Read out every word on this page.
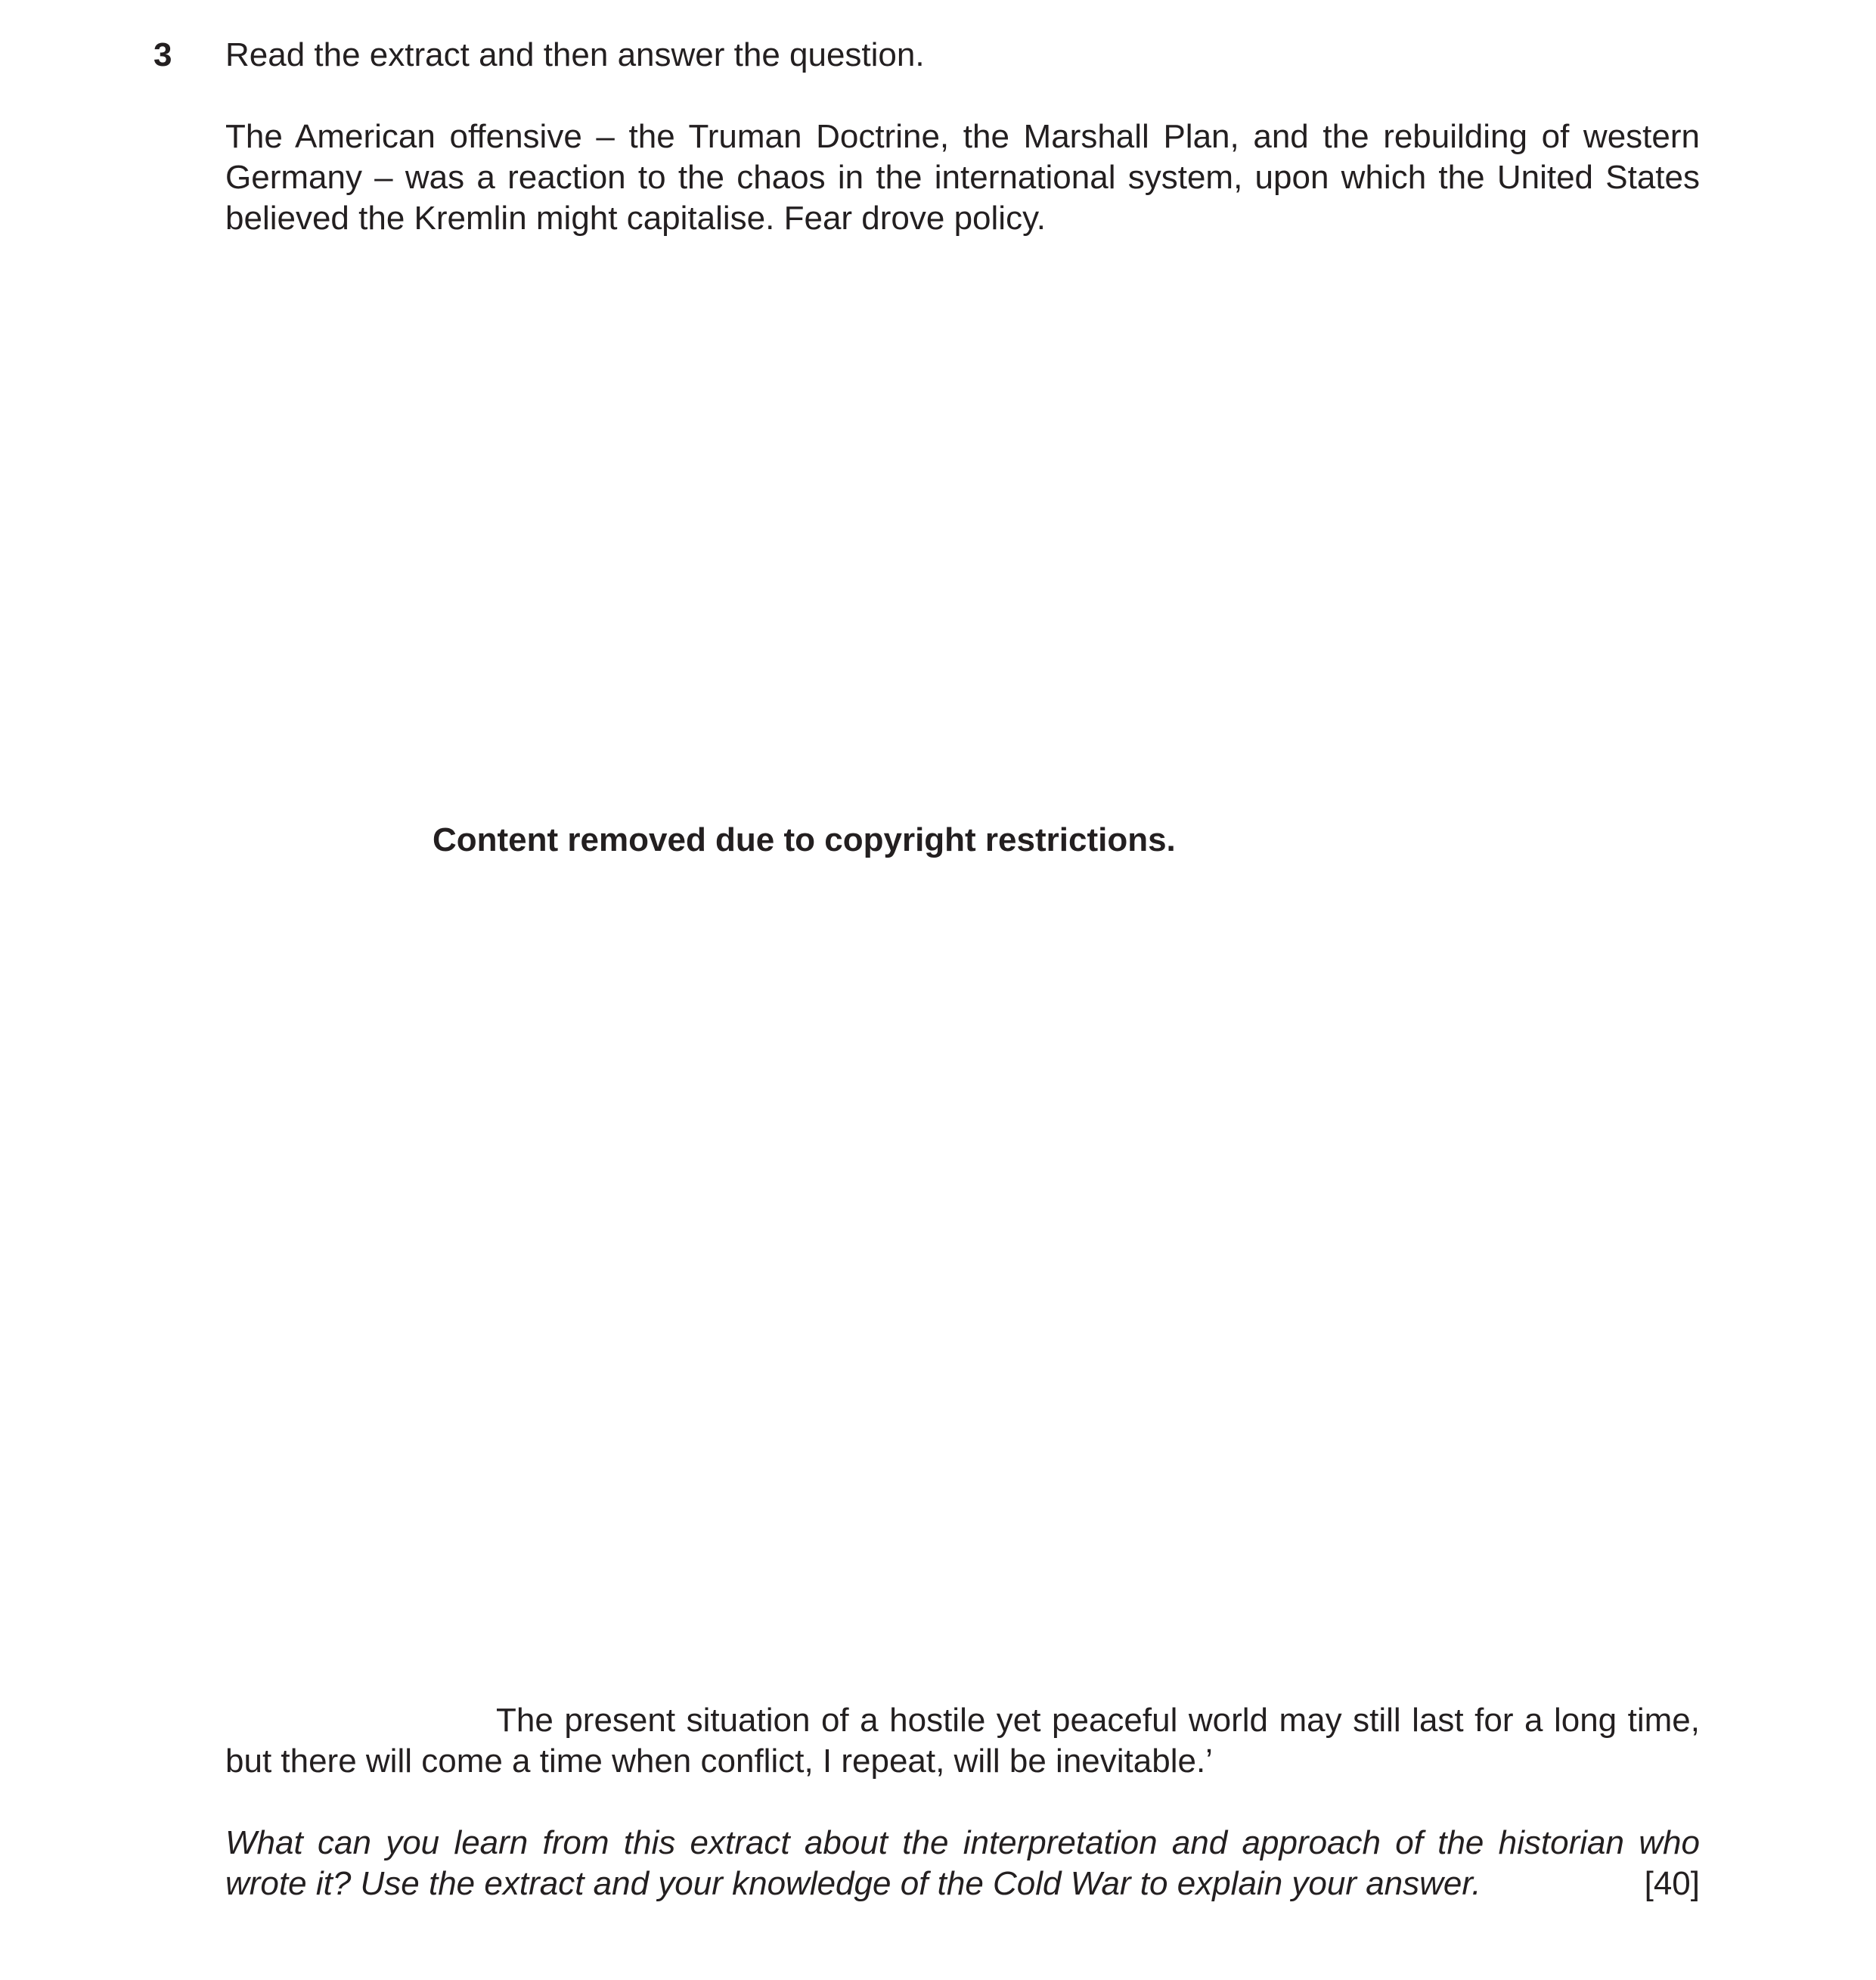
3 Read the extract and then answer the question.
The American offensive – the Truman Doctrine, the Marshall Plan, and the rebuilding of western Germany – was a reaction to the chaos in the international system, upon which the United States believed the Kremlin might capitalise. Fear drove policy.
Content removed due to copyright restrictions.
The present situation of a hostile yet peaceful world may still last for a long time, but there will come a time when conflict, I repeat, will be inevitable.’
What can you learn from this extract about the interpretation and approach of the historian who wrote it? Use the extract and your knowledge of the Cold War to explain your answer.	[40]
